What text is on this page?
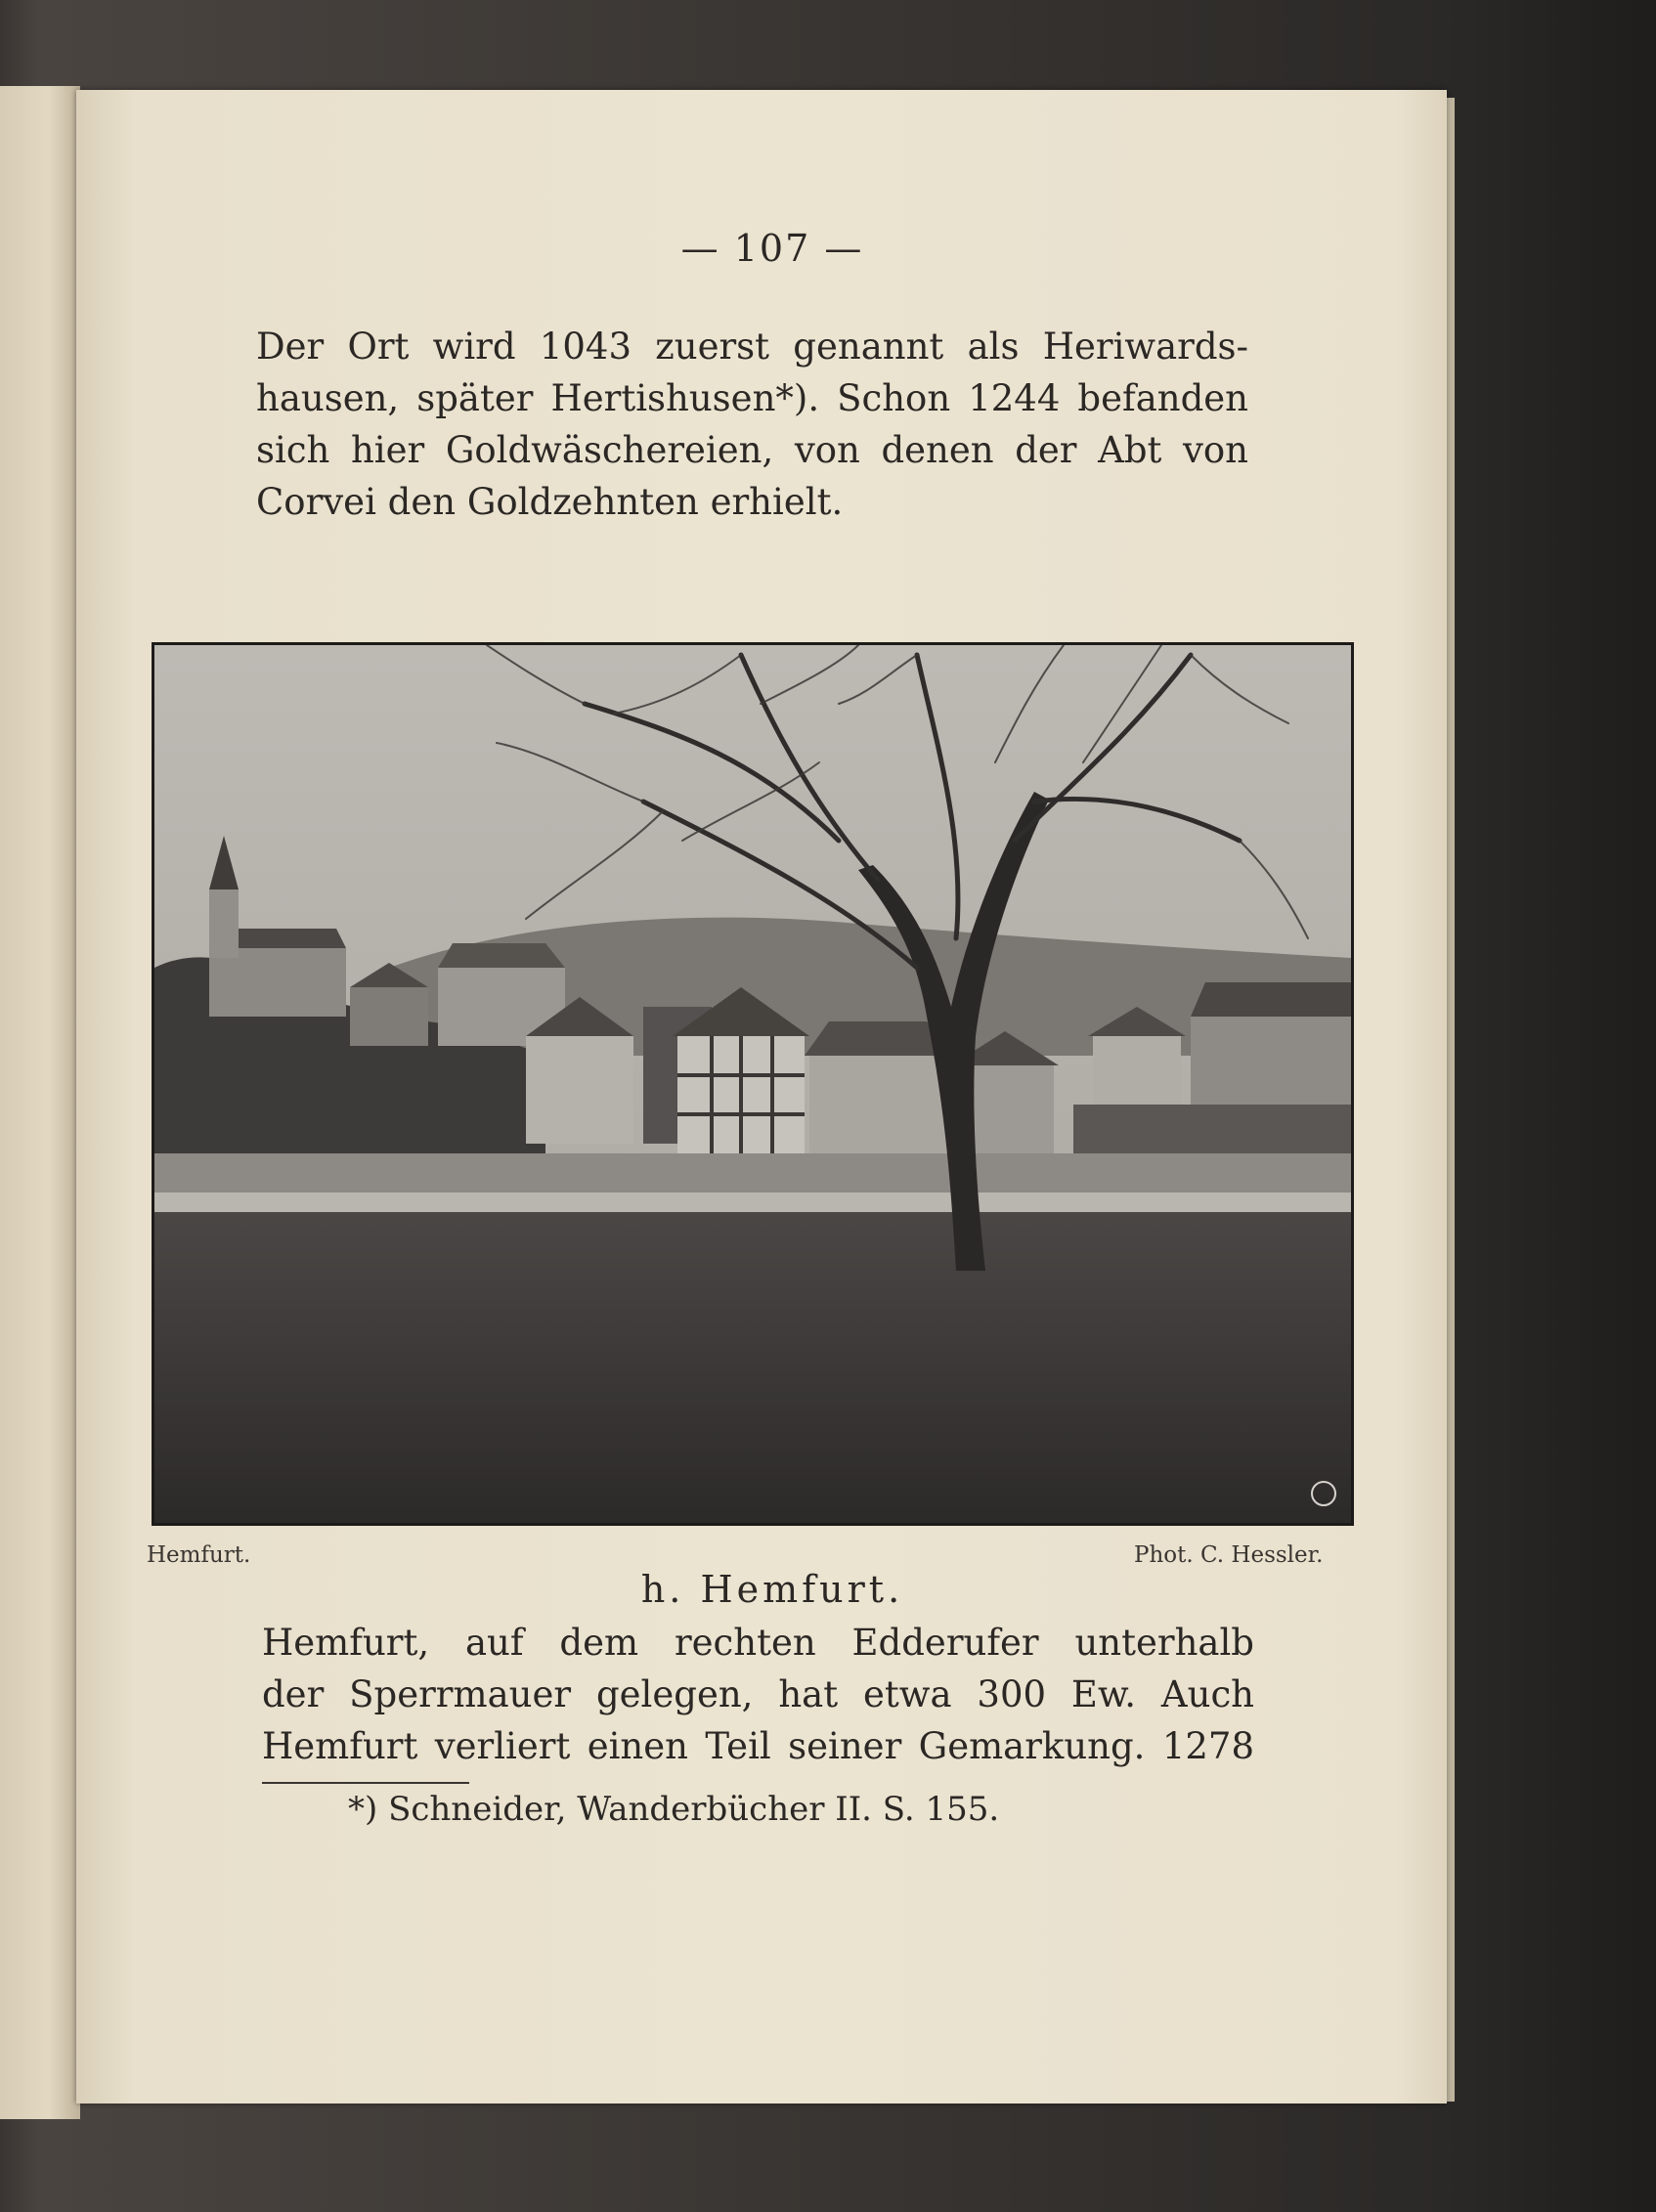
— 107 —
Der Ort wird 1043 zuerst genannt als Heriwards-
hausen, später Hertishusen*). Schon 1244 befanden
sich hier Goldwäschereien, von denen der Abt von
Corvei den Goldzehnten erhielt.
Hemfurt.	Phot. C. Hessler.
h. Hemfurt.
Hemfurt, auf dem rechten Edderufer unterhalb
der Sperrmauer gelegen, hat etwa 300 Ew. Auch
Hemfurt verliert einen Teil seiner Gemarkung. 1278
*) Schneider, Wanderbücher II. S. 155.
